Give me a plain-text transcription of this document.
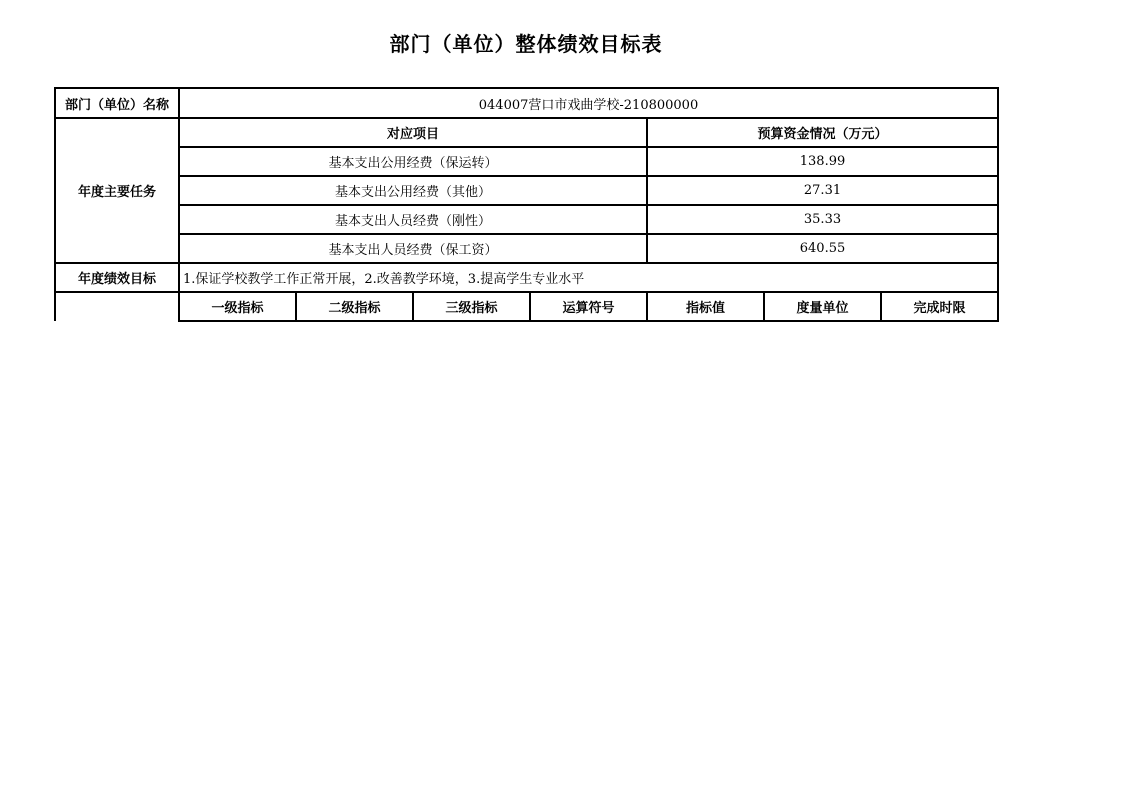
部门（单位）整体绩效目标表
部门（单位）名称	044007营口市戏曲学校-210800000						
年度主要任务	对应项目				预算资金情况（万元）		
	基本支出公用经费（保运转）				138.99		
	基本支出公用经费（其他）				27.31		
	基本支出人员经费（刚性）				35.33		
	基本支出人员经费（保工资）				640.55		
年度绩效目标	1.保证学校教学工作正常开展，2.改善教学环境，3.提高学生专业水平						
	一级指标	二级指标	三级指标	运算符号	指标值	度量单位	完成时限
